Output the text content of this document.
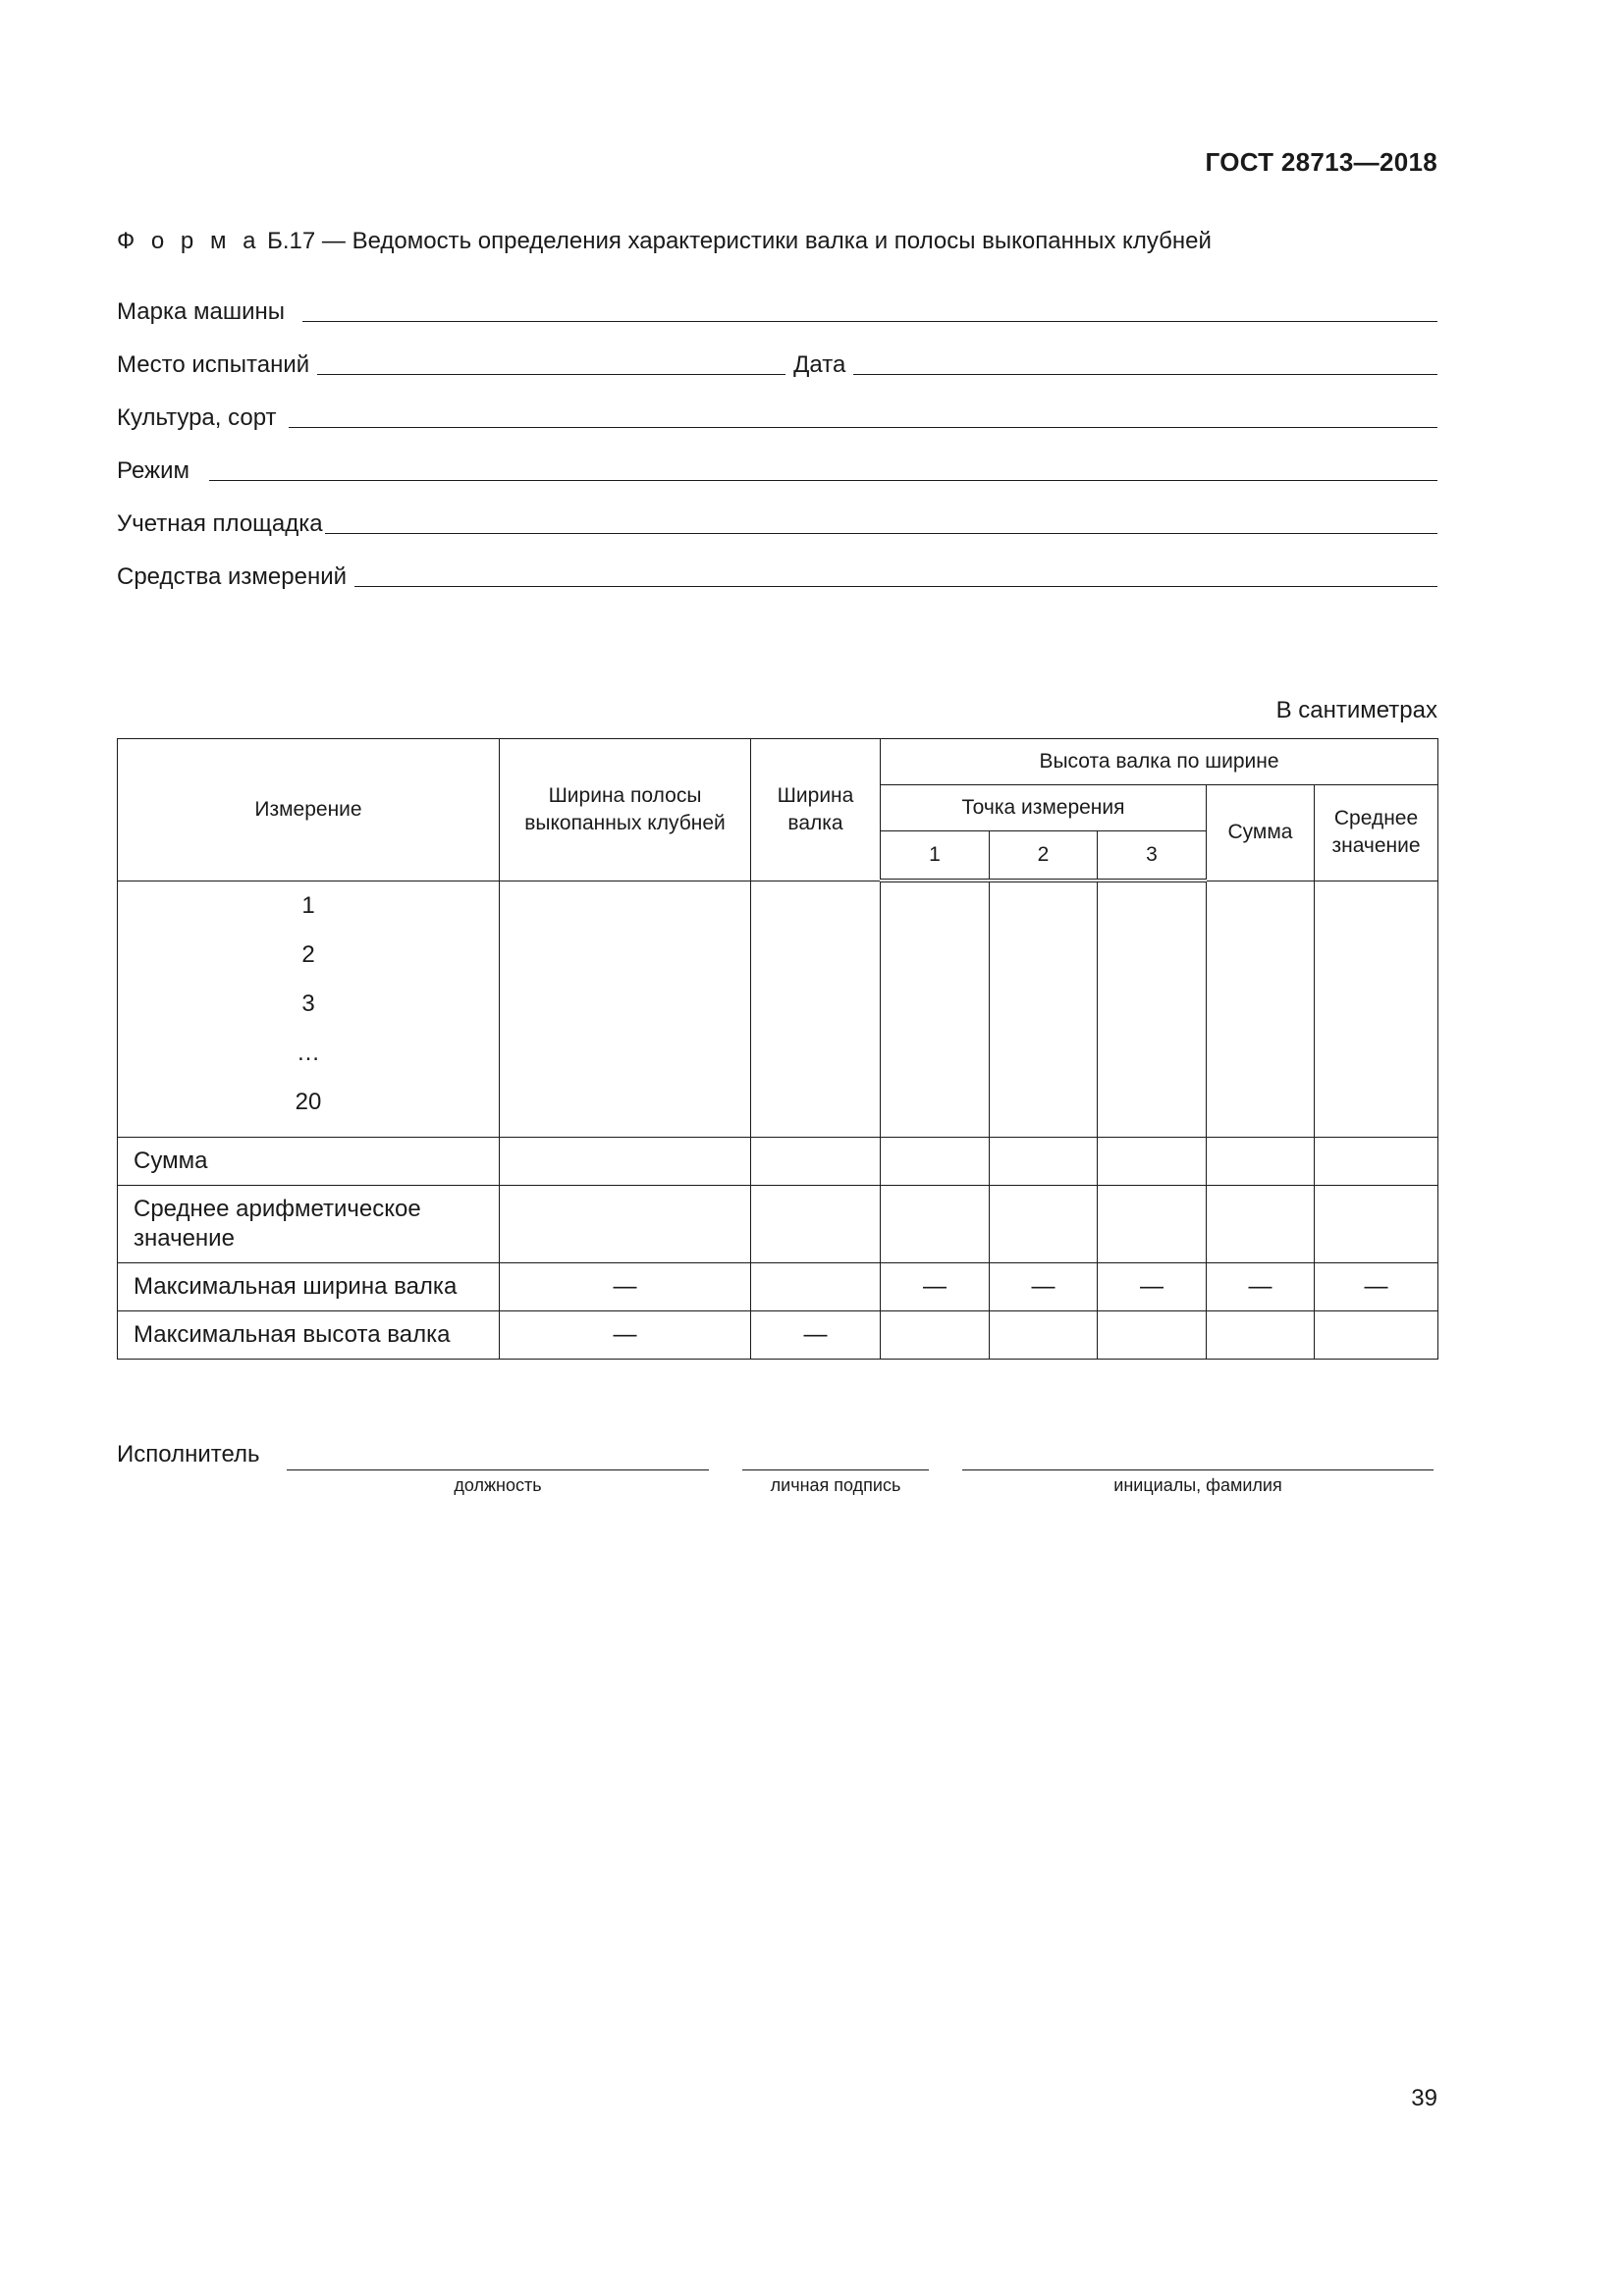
ГОСТ 28713—2018
Ф о р м а Б.17 — Ведомость определения характеристики валка и полосы выкопанных клубней
Марка машины
Место испытаний	Дата
Культура, сорт
Режим
Учетная площадка
Средства измерений
В сантиметрах
Измерение	Ширина полосы выкопанных клубней	Ширина валка	Высота валка по ширине				
			Точка измерения			Сумма	Среднее значение
			1	2	3		

1
2
3
…
20							

Сумма							
Среднее арифметическое значение							
Максимальная ширина валка	—		—	—	—	—	—
Максимальная высота валка	—	—					
Исполнитель
должность	личная подпись	инициалы, фамилия
39
